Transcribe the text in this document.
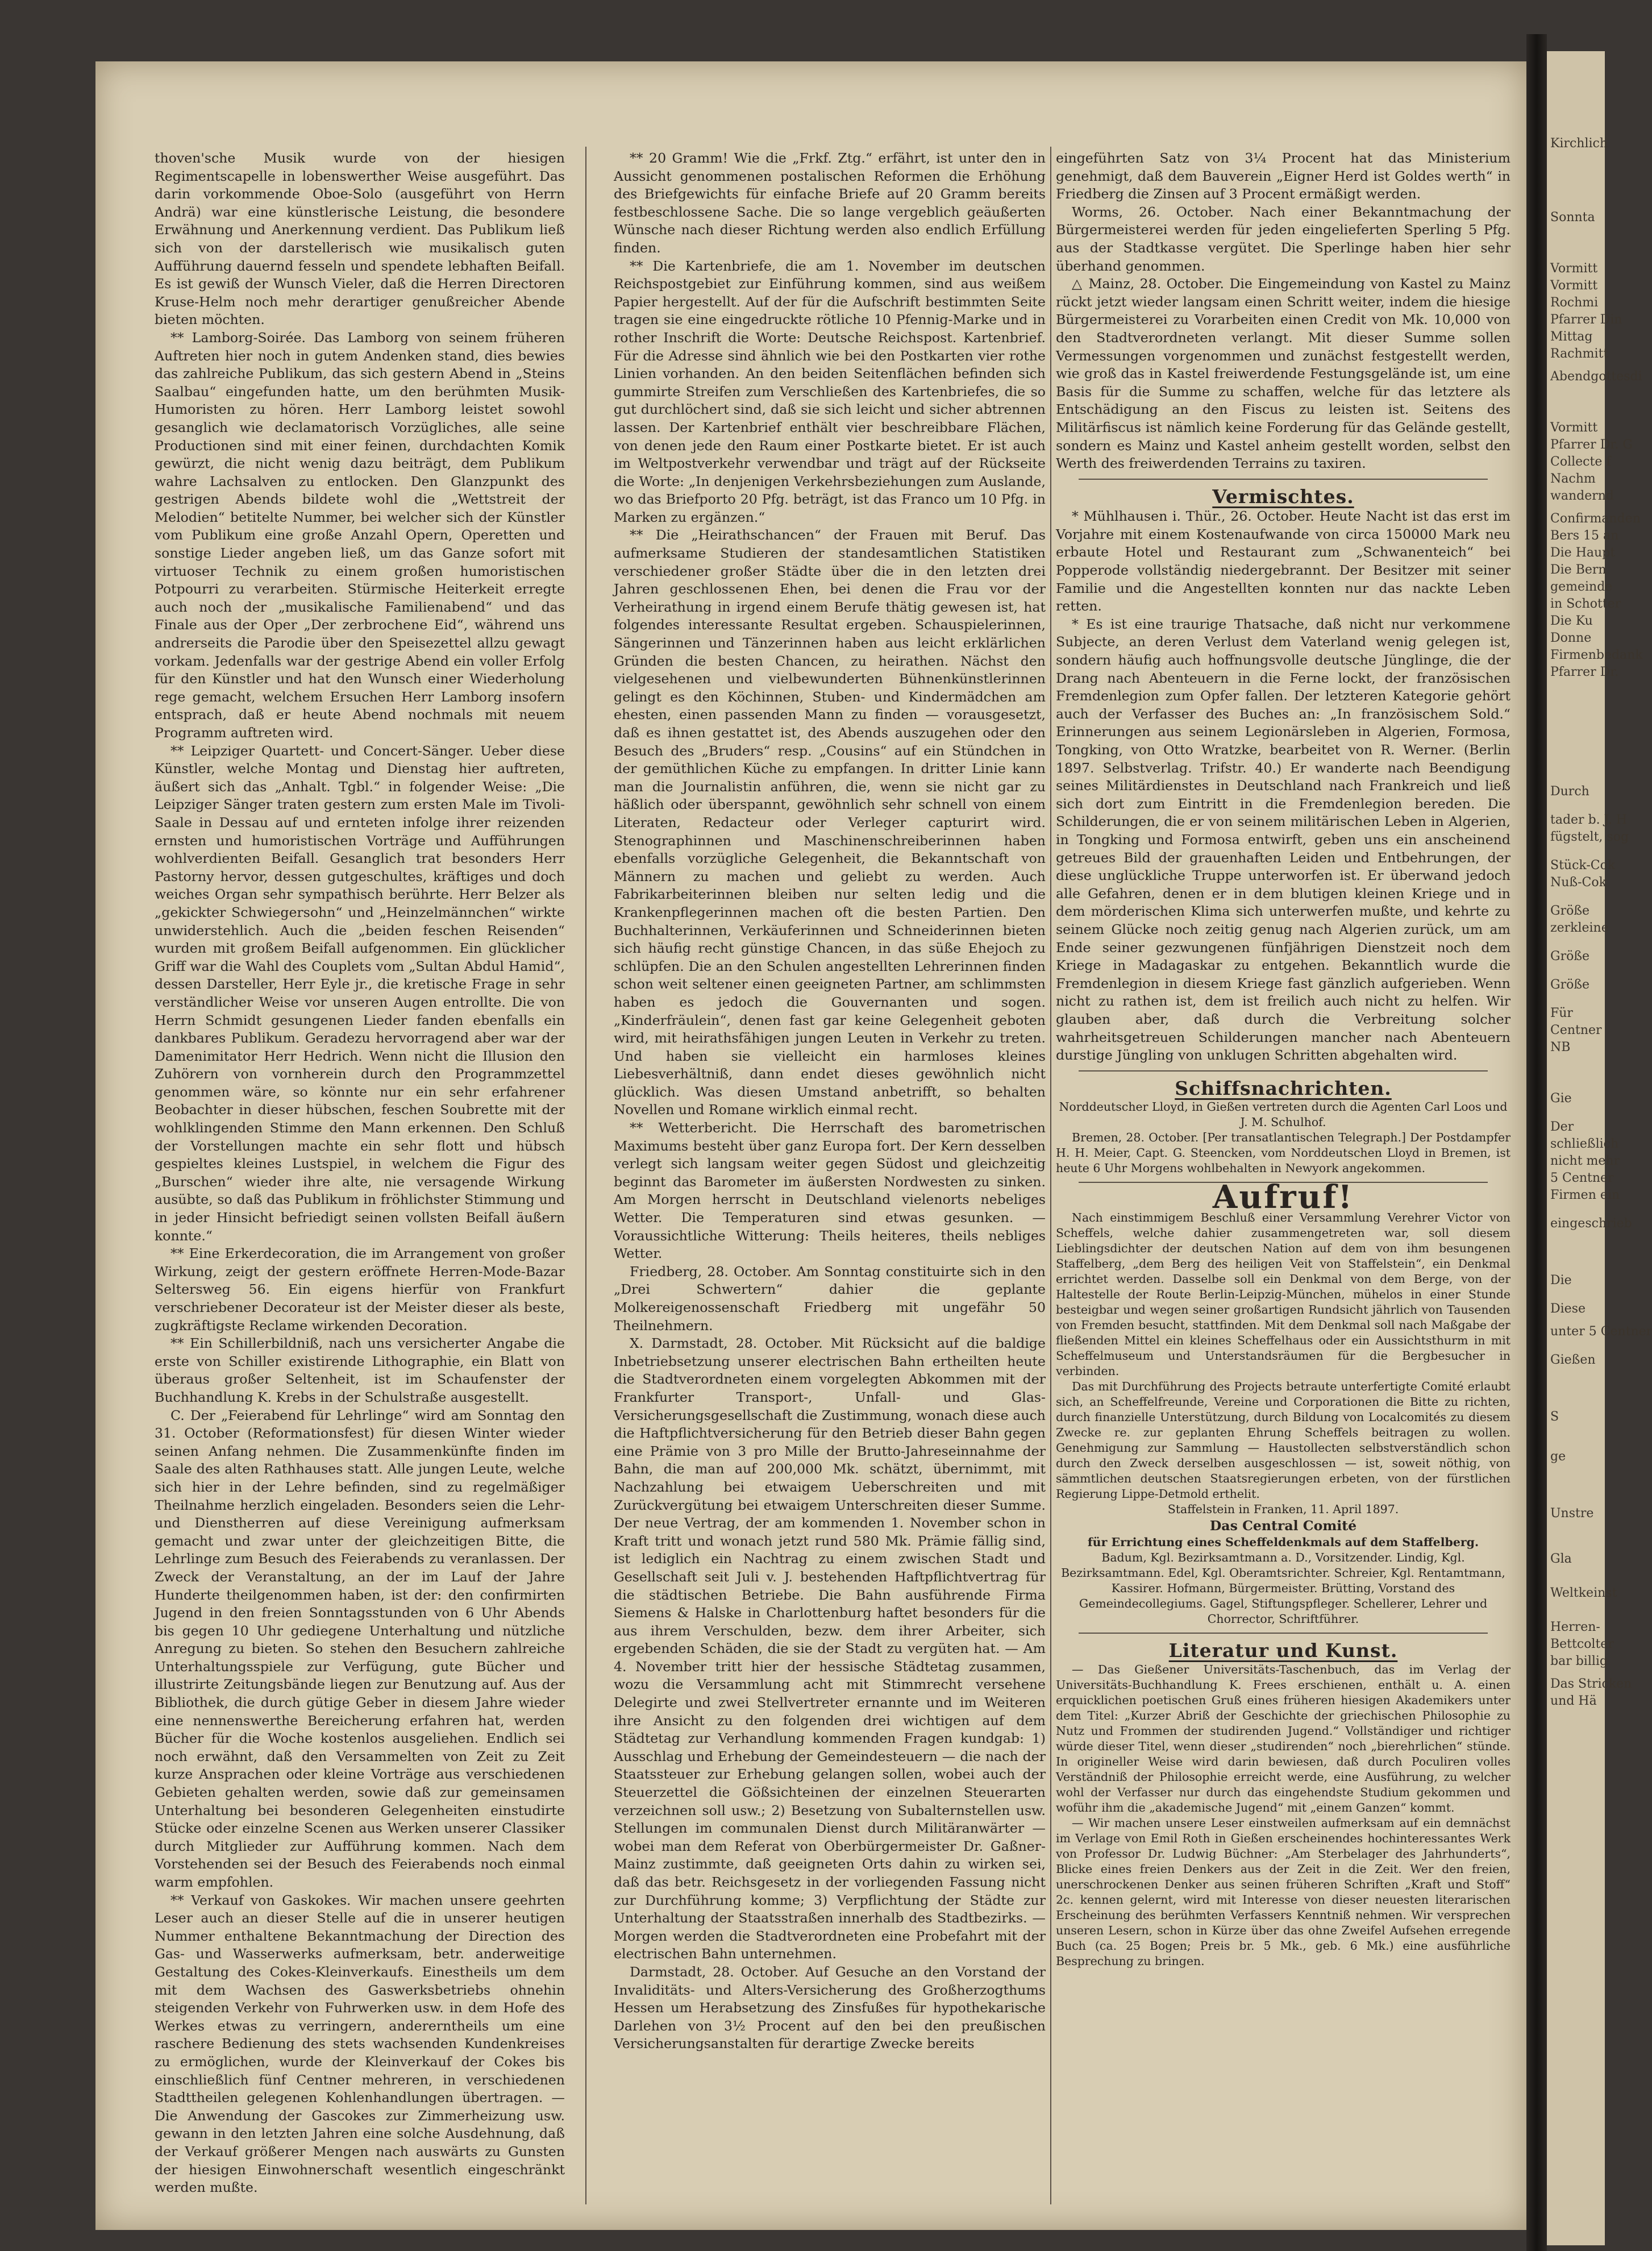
thoven'sche Musik wurde von der hiesigen Regimentscapelle in lobenswerther Weise ausgeführt. Das darin vorkommende Oboe-Solo (ausgeführt von Herrn Andrä) war eine künstlerische Leistung, die besondere Erwähnung und Anerkennung verdient. Das Publikum ließ sich von der darstellerisch wie musikalisch guten Aufführung dauernd fesseln und spendete lebhaften Beifall. Es ist gewiß der Wunsch Vieler, daß die Herren Directoren Kruse-Helm noch mehr derartiger genußreicher Abende bieten möchten.

** Lamborg-Soirée. Das Lamborg von seinem früheren Auftreten hier noch in gutem Andenken stand, dies bewies das zahlreiche Publikum, das sich gestern Abend in „Steins Saalbau“ eingefunden hatte, um den berühmten Musik-Humoristen zu hören. Herr Lamborg leistet sowohl gesanglich wie declamatorisch Vorzügliches, alle seine Productionen sind mit einer feinen, durchdachten Komik gewürzt, die nicht wenig dazu beiträgt, dem Publikum wahre Lachsalven zu entlocken. Den Glanzpunkt des gestrigen Abends bildete wohl die „Wettstreit der Melodien“ betitelte Nummer, bei welcher sich der Künstler vom Publikum eine große Anzahl Opern, Operetten und sonstige Lieder angeben ließ, um das Ganze sofort mit virtuoser Technik zu einem großen humoristischen Potpourri zu verarbeiten. Stürmische Heiterkeit erregte auch noch der „musikalische Familienabend“ und das Finale aus der Oper „Der zerbrochene Eid“, während uns andrerseits die Parodie über den Speisezettel allzu gewagt vorkam. Jedenfalls war der gestrige Abend ein voller Erfolg für den Künstler und hat den Wunsch einer Wiederholung rege gemacht, welchem Ersuchen Herr Lamborg insofern entsprach, daß er heute Abend nochmals mit neuem Programm auftreten wird.

** Leipziger Quartett- und Concert-Sänger. Ueber diese Künstler, welche Montag und Dienstag hier auftreten, äußert sich das „Anhalt. Tgbl.“ in folgender Weise: „Die Leipziger Sänger traten gestern zum ersten Male im Tivoli-Saale in Dessau auf und ernteten infolge ihrer reizenden ernsten und humoristischen Vorträge und Aufführungen wohlverdienten Beifall. Gesanglich trat besonders Herr Pastorny hervor, dessen gutgeschultes, kräftiges und doch weiches Organ sehr sympathisch berührte. Herr Belzer als „gekickter Schwiegersohn“ und „Heinzelmännchen“ wirkte unwiderstehlich. Auch die „beiden feschen Reisenden“ wurden mit großem Beifall aufgenommen. Ein glücklicher Griff war die Wahl des Couplets vom „Sultan Abdul Hamid“, dessen Darsteller, Herr Eyle jr., die kretische Frage in sehr verständlicher Weise vor unseren Augen entrollte. Die von Herrn Schmidt gesungenen Lieder fanden ebenfalls ein dankbares Publikum. Geradezu hervorragend aber war der Damenimitator Herr Hedrich. Wenn nicht die Illusion den Zuhörern von vornherein durch den Programmzettel genommen wäre, so könnte nur ein sehr erfahrener Beobachter in dieser hübschen, feschen Soubrette mit der wohlklingenden Stimme den Mann erkennen. Den Schluß der Vorstellungen machte ein sehr flott und hübsch gespieltes kleines Lustspiel, in welchem die Figur des „Burschen“ wieder ihre alte, nie versagende Wirkung ausübte, so daß das Publikum in fröhlichster Stimmung und in jeder Hinsicht befriedigt seinen vollsten Beifall äußern konnte.“

** Eine Erkerdecoration, die im Arrangement von großer Wirkung, zeigt der gestern eröffnete Herren-Mode-Bazar Seltersweg 56. Ein eigens hierfür von Frankfurt verschriebener Decorateur ist der Meister dieser als beste, zugkräftigste Reclame wirkenden Decoration.

** Ein Schillerbildniß, nach uns versicherter Angabe die erste von Schiller existirende Lithographie, ein Blatt von überaus großer Seltenheit, ist im Schaufenster der Buchhandlung K. Krebs in der Schulstraße ausgestellt.

C. Der „Feierabend für Lehrlinge“ wird am Sonntag den 31. October (Reformationsfest) für diesen Winter wieder seinen Anfang nehmen. Die Zusammenkünfte finden im Saale des alten Rathhauses statt. Alle jungen Leute, welche sich hier in der Lehre befinden, sind zu regelmäßiger Theilnahme herzlich eingeladen. Besonders seien die Lehr- und Dienstherren auf diese Vereinigung aufmerksam gemacht und zwar unter der gleichzeitigen Bitte, die Lehrlinge zum Besuch des Feierabends zu veranlassen. Der Zweck der Veranstaltung, an der im Lauf der Jahre Hunderte theilgenommen haben, ist der: den confirmirten Jugend in den freien Sonntagsstunden von 6 Uhr Abends bis gegen 10 Uhr gediegene Unterhaltung und nützliche Anregung zu bieten. So stehen den Besuchern zahlreiche Unterhaltungsspiele zur Verfügung, gute Bücher und illustrirte Zeitungsbände liegen zur Benutzung auf. Aus der Bibliothek, die durch gütige Geber in diesem Jahre wieder eine nennenswerthe Bereicherung erfahren hat, werden Bücher für die Woche kostenlos ausgeliehen. Endlich sei noch erwähnt, daß den Versammelten von Zeit zu Zeit kurze Ansprachen oder kleine Vorträge aus verschiedenen Gebieten gehalten werden, sowie daß zur gemeinsamen Unterhaltung bei besonderen Gelegenheiten einstudirte Stücke oder einzelne Scenen aus Werken unserer Classiker durch Mitglieder zur Aufführung kommen. Nach dem Vorstehenden sei der Besuch des Feierabends noch einmal warm empfohlen.

** Verkauf von Gaskokes. Wir machen unsere geehrten Leser auch an dieser Stelle auf die in unserer heutigen Nummer enthaltene Bekanntmachung der Direction des Gas- und Wasserwerks aufmerksam, betr. anderweitige Gestaltung des Cokes-Kleinverkaufs. Einestheils um dem mit dem Wachsen des Gaswerksbetriebs ohnehin steigenden Verkehr von Fuhrwerken usw. in dem Hofe des Werkes etwas zu verringern, andererntheils um eine raschere Bedienung des stets wachsenden Kundenkreises zu ermöglichen, wurde der Kleinverkauf der Cokes bis einschließlich fünf Centner mehreren, in verschiedenen Stadttheilen gelegenen Kohlenhandlungen übertragen. — Die Anwendung der Gascokes zur Zimmerheizung usw. gewann in den letzten Jahren eine solche Ausdehnung, daß der Verkauf größerer Mengen nach auswärts zu Gunsten der hiesigen Einwohnerschaft wesentlich eingeschränkt werden mußte.

** 20 Gramm! Wie die „Frkf. Ztg.“ erfährt, ist unter den in Aussicht genommenen postalischen Reformen die Erhöhung des Briefgewichts für einfache Briefe auf 20 Gramm bereits festbeschlossene Sache. Die so lange vergeblich geäußerten Wünsche nach dieser Richtung werden also endlich Erfüllung finden.

** Die Kartenbriefe, die am 1. November im deutschen Reichspostgebiet zur Einführung kommen, sind aus weißem Papier hergestellt. Auf der für die Aufschrift bestimmten Seite tragen sie eine eingedruckte rötliche 10 Pfennig-Marke und in rother Inschrift die Worte: Deutsche Reichspost. Kartenbrief. Für die Adresse sind ähnlich wie bei den Postkarten vier rothe Linien vorhanden. An den beiden Seitenflächen befinden sich gummirte Streifen zum Verschließen des Kartenbriefes, die so gut durchlöchert sind, daß sie sich leicht und sicher abtrennen lassen. Der Kartenbrief enthält vier beschreibbare Flächen, von denen jede den Raum einer Postkarte bietet. Er ist auch im Weltpostverkehr verwendbar und trägt auf der Rückseite die Worte: „In denjenigen Verkehrsbeziehungen zum Auslande, wo das Briefporto 20 Pfg. beträgt, ist das Franco um 10 Pfg. in Marken zu ergänzen.“

** Die „Heirathschancen“ der Frauen mit Beruf. Das aufmerksame Studieren der standesamtlichen Statistiken verschiedener großer Städte über die in den letzten drei Jahren geschlossenen Ehen, bei denen die Frau vor der Verheirathung in irgend einem Berufe thätig gewesen ist, hat folgendes interessante Resultat ergeben. Schauspielerinnen, Sängerinnen und Tänzerinnen haben aus leicht erklärlichen Gründen die besten Chancen, zu heirathen. Nächst den vielgesehenen und vielbewunderten Bühnenkünstlerinnen gelingt es den Köchinnen, Stuben- und Kindermädchen am ehesten, einen passenden Mann zu finden — vorausgesetzt, daß es ihnen gestattet ist, des Abends auszugehen oder den Besuch des „Bruders“ resp. „Cousins“ auf ein Stündchen in der gemüthlichen Küche zu empfangen. In dritter Linie kann man die Journalistin anführen, die, wenn sie nicht gar zu häßlich oder überspannt, gewöhnlich sehr schnell von einem Literaten, Redacteur oder Verleger capturirt wird. Stenographinnen und Maschinenschreiberinnen haben ebenfalls vorzügliche Gelegenheit, die Bekanntschaft von Männern zu machen und geliebt zu werden. Auch Fabrikarbeiterinnen bleiben nur selten ledig und die Krankenpflegerinnen machen oft die besten Partien. Den Buchhalterinnen, Verkäuferinnen und Schneiderinnen bieten sich häufig recht günstige Chancen, in das süße Ehejoch zu schlüpfen. Die an den Schulen angestellten Lehrerinnen finden schon weit seltener einen geeigneten Partner, am schlimmsten haben es jedoch die Gouvernanten und sogen. „Kinderfräulein“, denen fast gar keine Gelegenheit geboten wird, mit heirathsfähigen jungen Leuten in Verkehr zu treten. Und haben sie vielleicht ein harmloses kleines Liebesverhältniß, dann endet dieses gewöhnlich nicht glücklich. Was diesen Umstand anbetrifft, so behalten Novellen und Romane wirklich einmal recht.

** Wetterbericht. Die Herrschaft des barometrischen Maximums besteht über ganz Europa fort. Der Kern desselben verlegt sich langsam weiter gegen Südost und gleichzeitig beginnt das Barometer im äußersten Nordwesten zu sinken. Am Morgen herrscht in Deutschland vielenorts nebeliges Wetter. Die Temperaturen sind etwas gesunken. — Voraussichtliche Witterung: Theils heiteres, theils nebliges Wetter.

Friedberg, 28. October. Am Sonntag constituirte sich in den „Drei Schwertern“ dahier die geplante Molkereigenossenschaft Friedberg mit ungefähr 50 Theilnehmern.

X. Darmstadt, 28. October. Mit Rücksicht auf die baldige Inbetriebsetzung unserer electrischen Bahn ertheilten heute die Stadtverordneten einem vorgelegten Abkommen mit der Frankfurter Transport-, Unfall- und Glas-Versicherungsgesellschaft die Zustimmung, wonach diese auch die Haftpflichtversicherung für den Betrieb dieser Bahn gegen eine Prämie von 3 pro Mille der Brutto-Jahreseinnahme der Bahn, die man auf 200,000 Mk. schätzt, übernimmt, mit Nachzahlung bei etwaigem Ueberschreiten und mit Zurückvergütung bei etwaigem Unterschreiten dieser Summe. Der neue Vertrag, der am kommenden 1. November schon in Kraft tritt und wonach jetzt rund 580 Mk. Prämie fällig sind, ist lediglich ein Nachtrag zu einem zwischen Stadt und Gesellschaft seit Juli v. J. bestehenden Haftpflichtvertrag für die städtischen Betriebe. Die Bahn ausführende Firma Siemens & Halske in Charlottenburg haftet besonders für die aus ihrem Verschulden, bezw. dem ihrer Arbeiter, sich ergebenden Schäden, die sie der Stadt zu vergüten hat. — Am 4. November tritt hier der hessische Städtetag zusammen, wozu die Versammlung acht mit Stimmrecht versehene Delegirte und zwei Stellvertreter ernannte und im Weiteren ihre Ansicht zu den folgenden drei wichtigen auf dem Städtetag zur Verhandlung kommenden Fragen kundgab: 1) Ausschlag und Erhebung der Gemeindesteuern — die nach der Staatssteuer zur Erhebung gelangen sollen, wobei auch der Steuerzettel die Gößsichteinen der einzelnen Steuerarten verzeichnen soll usw.; 2) Besetzung von Subalternstellen usw. Stellungen im communalen Dienst durch Militäranwärter — wobei man dem Referat von Oberbürgermeister Dr. Gaßner-Mainz zustimmte, daß geeigneten Orts dahin zu wirken sei, daß das betr. Reichsgesetz in der vorliegenden Fassung nicht zur Durchführung komme; 3) Verpflichtung der Städte zur Unterhaltung der Staatsstraßen innerhalb des Stadtbezirks. — Morgen werden die Stadtverordneten eine Probefahrt mit der electrischen Bahn unternehmen.

Darmstadt, 28. October. Auf Gesuche an den Vorstand der Invaliditäts- und Alters-Versicherung des Großherzogthums Hessen um Herabsetzung des Zinsfußes für hypothekarische Darlehen von 3½ Procent auf den bei den preußischen Versicherungsanstalten für derartige Zwecke bereits

eingeführten Satz von 3¼ Procent hat das Ministerium genehmigt, daß dem Bauverein „Eigner Herd ist Goldes werth“ in Friedberg die Zinsen auf 3 Procent ermäßigt werden.

Worms, 26. October. Nach einer Bekanntmachung der Bürgermeisterei werden für jeden eingelieferten Sperling 5 Pfg. aus der Stadtkasse vergütet. Die Sperlinge haben hier sehr überhand genommen.

△ Mainz, 28. October. Die Eingemeindung von Kastel zu Mainz rückt jetzt wieder langsam einen Schritt weiter, indem die hiesige Bürgermeisterei zu Vorarbeiten einen Credit von Mk. 10,000 von den Stadtverordneten verlangt. Mit dieser Summe sollen Vermessungen vorgenommen und zunächst festgestellt werden, wie groß das in Kastel freiwerdende Festungsgelände ist, um eine Basis für die Summe zu schaffen, welche für das letztere als Entschädigung an den Fiscus zu leisten ist. Seitens des Militärfiscus ist nämlich keine Forderung für das Gelände gestellt, sondern es Mainz und Kastel anheim gestellt worden, selbst den Werth des freiwerdenden Terrains zu taxiren.

Vermischtes.

* Mühlhausen i. Thür., 26. October. Heute Nacht ist das erst im Vorjahre mit einem Kostenaufwande von circa 150000 Mark neu erbaute Hotel und Restaurant zum „Schwanenteich“ bei Popperode vollständig niedergebrannt. Der Besitzer mit seiner Familie und die Angestellten konnten nur das nackte Leben retten.

* Es ist eine traurige Thatsache, daß nicht nur verkommene Subjecte, an deren Verlust dem Vaterland wenig gelegen ist, sondern häufig auch hoffnungsvolle deutsche Jünglinge, die der Drang nach Abenteuern in die Ferne lockt, der französischen Fremdenlegion zum Opfer fallen. Der letzteren Kategorie gehört auch der Verfasser des Buches an: „In französischem Sold.“ Erinnerungen aus seinem Legionärsleben in Algerien, Formosa, Tongking, von Otto Wratzke, bearbeitet von R. Werner. (Berlin 1897. Selbstverlag. Trifstr. 40.) Er wanderte nach Beendigung seines Militärdienstes in Deutschland nach Frankreich und ließ sich dort zum Eintritt in die Fremdenlegion bereden. Die Schilderungen, die er von seinem militärischen Leben in Algerien, in Tongking und Formosa entwirft, geben uns ein anscheinend getreues Bild der grauenhaften Leiden und Entbehrungen, der diese unglückliche Truppe unterworfen ist. Er überwand jedoch alle Gefahren, denen er in dem blutigen kleinen Kriege und in dem mörderischen Klima sich unterwerfen mußte, und kehrte zu seinem Glücke noch zeitig genug nach Algerien zurück, um am Ende seiner gezwungenen fünfjährigen Dienstzeit noch dem Kriege in Madagaskar zu entgehen. Bekanntlich wurde die Fremdenlegion in diesem Kriege fast gänzlich aufgerieben. Wenn nicht zu rathen ist, dem ist freilich auch nicht zu helfen. Wir glauben aber, daß durch die Verbreitung solcher wahrheitsgetreuen Schilderungen mancher nach Abenteuern durstige Jüngling von unklugen Schritten abgehalten wird.

Schiffsnachrichten.

Norddeutscher Lloyd, in Gießen vertreten durch die Agenten Carl Loos und J. M. Schulhof.

Bremen, 28. October. [Per transatlantischen Telegraph.] Der Postdampfer H. H. Meier, Capt. G. Steencken, vom Norddeutschen Lloyd in Bremen, ist heute 6 Uhr Morgens wohlbehalten in Newyork angekommen.

Aufruf!

Nach einstimmigem Beschluß einer Versammlung Verehrer Victor von Scheffels, welche dahier zusammengetreten war, soll diesem Lieblingsdichter der deutschen Nation auf dem von ihm besungenen Staffelberg, „dem Berg des heiligen Veit von Staffelstein“, ein Denkmal errichtet werden. Dasselbe soll ein Denkmal von dem Berge, von der Haltestelle der Route Berlin-Leipzig-München, mühelos in einer Stunde besteigbar und wegen seiner großartigen Rundsicht jährlich von Tausenden von Fremden besucht, stattfinden. Mit dem Denkmal soll nach Maßgabe der fließenden Mittel ein kleines Scheffelhaus oder ein Aussichtsthurm in mit Scheffelmuseum und Unterstandsräumen für die Bergbesucher in verbinden.

Das mit Durchführung des Projects betraute unterfertigte Comité erlaubt sich, an Scheffelfreunde, Vereine und Corporationen die Bitte zu richten, durch finanzielle Unterstützung, durch Bildung von Localcomités zu diesem Zwecke re. zur geplanten Ehrung Scheffels beitragen zu wollen. Genehmigung zur Sammlung — Haustollecten selbstverständlich schon durch den Zweck derselben ausgeschlossen — ist, soweit nöthig, von sämmtlichen deutschen Staatsregierungen erbeten, von der fürstlichen Regierung Lippe-Detmold erthelit.

Staffelstein in Franken, 11. April 1897.

Das Central Comité

für Errichtung eines Scheffeldenkmals auf dem Staffelberg.

Badum, Kgl. Bezirksamtmann a. D., Vorsitzender. Lindig, Kgl. Bezirksamtmann. Edel, Kgl. Oberamtsrichter. Schreier, Kgl. Rentamtmann, Kassirer. Hofmann, Bürgermeister. Brütting, Vorstand des Gemeindecollegiums. Gagel, Stiftungspfleger. Schellerer, Lehrer und Chorrector, Schriftführer.

Literatur und Kunst.

— Das Gießener Universitäts-Taschenbuch, das im Verlag der Universitäts-Buchhandlung K. Frees erschienen, enthält u. A. einen erquicklichen poetischen Gruß eines früheren hiesigen Akademikers unter dem Titel: „Kurzer Abriß der Geschichte der griechischen Philosophie zu Nutz und Frommen der studirenden Jugend.“ Vollständiger und richtiger würde dieser Titel, wenn dieser „studirenden“ noch „bierehrlichen“ stünde. In origineller Weise wird darin bewiesen, daß durch Poculiren volles Verständniß der Philosophie erreicht werde, eine Ausführung, zu welcher wohl der Verfasser nur durch das eingehendste Studium gekommen und woführ ihm die „akademische Jugend“ mit „einem Ganzen“ kommt.

— Wir machen unsere Leser einstweilen aufmerksam auf ein demnächst im Verlage von Emil Roth in Gießen erscheinendes hochinteressantes Werk von Professor Dr. Ludwig Büchner: „Am Sterbelager des Jahrhunderts“, Blicke eines freien Denkers aus der Zeit in die Zeit. Wer den freien, unerschrockenen Denker aus seinen früheren Schriften „Kraft und Stoff“ 2c. kennen gelernt, wird mit Interesse von dieser neuesten literarischen Erscheinung des berühmten Verfassers Kenntniß nehmen. Wir versprechen unseren Lesern, schon in Kürze über das ohne Zweifel Aufsehen erregende Buch (ca. 25 Bogen; Preis br. 5 Mk., geb. 6 Mk.) eine ausführliche Besprechung zu bringen.

Kirchlich
Sonnta
Vormitt
Vormitt
Rochmi
Pfarrer Din
Mittag
Rachmitt
Abendgottesdi
Vormitt
Pfarrer Dr. G
Collecte f
Nachm
wandernd
Confirmanden
Bers 15 an
Die Haupt
Die Bern
gemeinde
in Schotter
Die Ku
Donne
Firmenbedank
Pfarrer Dr.
Durch
tader b. J. H
fügstelt, sog
Stück-Cok
Nuß-Cok
Größe
zerkleine
Größe
Größe
Für
Centner
NB
Gie
Der
schließlich
nicht mehr
5 Centner
Firmen ein
eingeschrieb
Die
Diese
unter 5 Centner
Gießen
S
ge
Unstre
Gla
Weltkeinst
Herren-
Bettcolter
bar billig
Das Stricken
und Hä
